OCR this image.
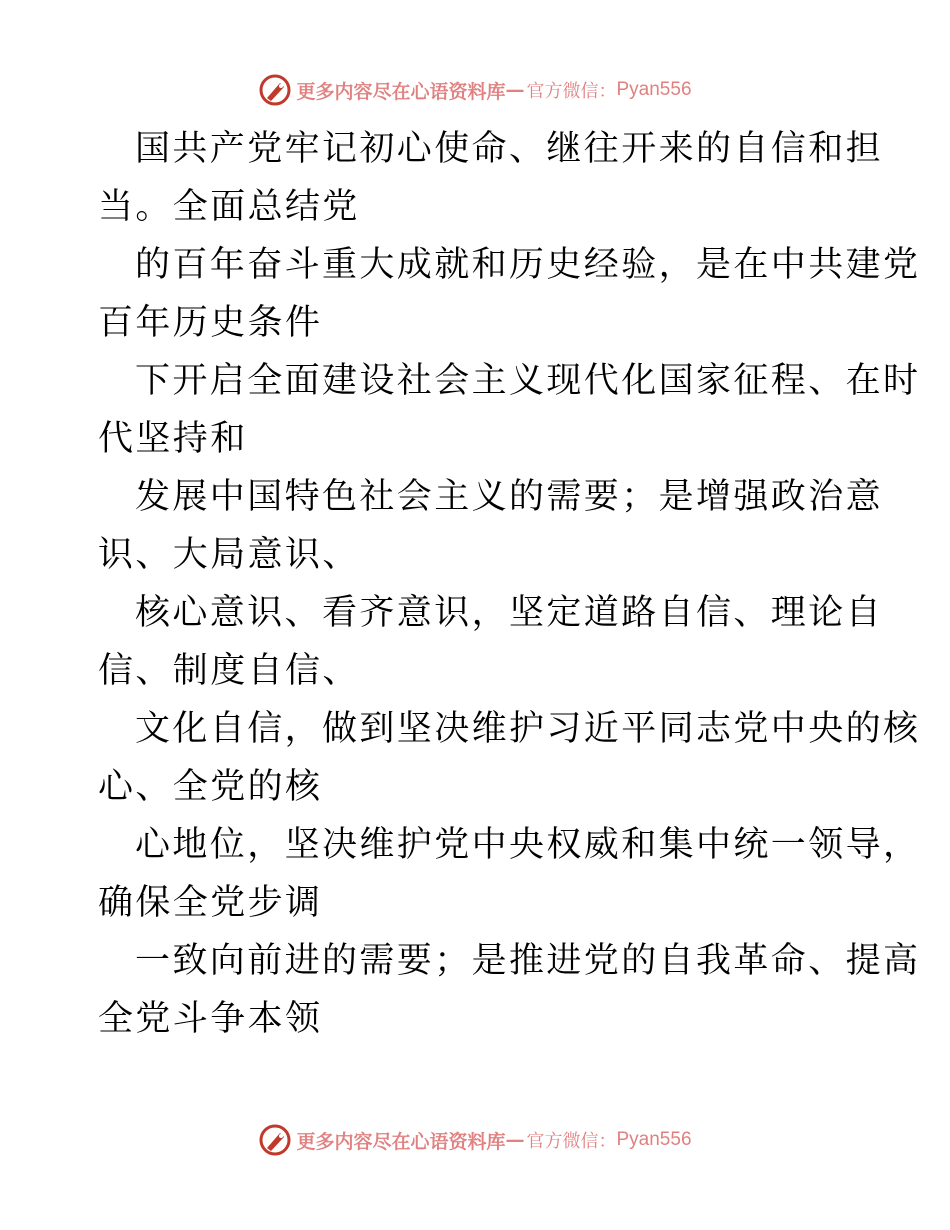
更多内容尽在心语资料库 — 官方微信： Pyan556
国共产党牢记初心使命、继往开来的自信和担
当。全面总结党
的百年奋斗重大成就和历史经验，是在中共建党
百年历史条件
下开启全面建设社会主义现代化国家征程、在时
代坚持和
发展中国特色社会主义的需要；是增强政治意
识、大局意识、
核心意识、看齐意识，坚定道路自信、理论自
信、制度自信、
文化自信，做到坚决维护习近平同志党中央的核
心、全党的核
心地位，坚决维护党中央权威和集中统一领导，
确保全党步调
一致向前进的需要；是推进党的自我革命、提高
全党斗争本领
更多内容尽在心语资料库 — 官方微信： Pyan556
